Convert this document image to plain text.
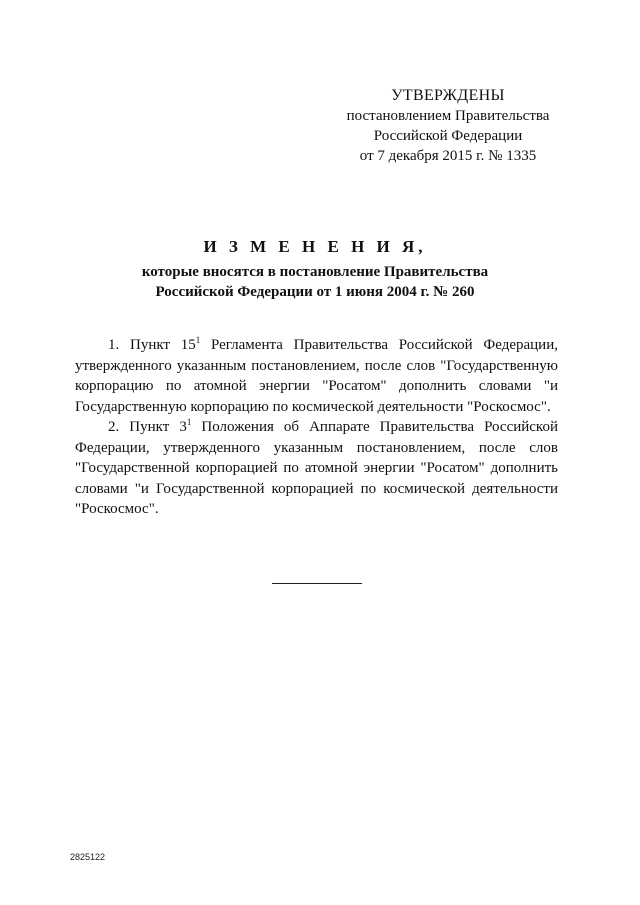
УТВЕРЖДЕНЫ
постановлением Правительства
Российской Федерации
от 7 декабря 2015 г. № 1335
И З М Е Н Е Н И Я,
которые вносятся в постановление Правительства
Российской Федерации от 1 июня 2004 г. № 260

1. Пункт $15^1$ Регламента Правительства Российской Федерации, утвержденного указанным постановлением, после слов "Государственную корпорацию по атомной энергии "Росатом" дополнить словами "и Государственную корпорацию по космической деятельности "Роскосмос".

2. Пункт $3^1$ Положения об Аппарате Правительства Российской Федерации, утвержденного указанным постановлением, после слов "Государственной корпорацией по атомной энергии "Росатом" дополнить словами "и Государственной корпорацией по космической деятельности "Роскосмос".

2825122
